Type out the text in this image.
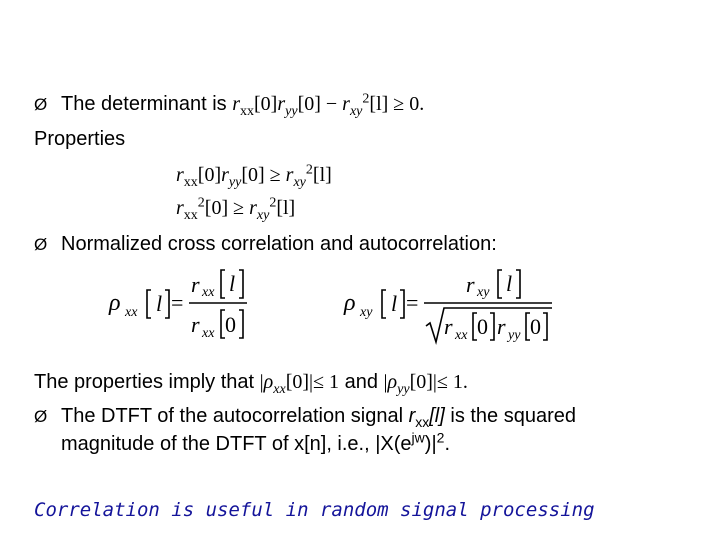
Ø The determinant is $r_{xx}[0]r_{yy}[0] - r_{xy}^2[l] \ge 0$.
Properties
$r_{xx}[0]r_{yy}[0] \ge r_{xy}^2[l]$
$r_{xx}^2[0] \ge r_{xy}^2[l]$
Ø Normalized cross correlation and autocorrelation:
ρ xx l =
r xx l
r xx 0
ρ xy l =
r xy l
r xx 0 r yy 0
The properties imply that $|\rho_{xx}[0]|\le 1$ and $|\rho_{yy}[0]|\le 1$.
Ø The DTFT of the autocorrelation signal $r_{xx}[l]$ is the squared
magnitude of the DTFT of x[n], i.e., $|X(e^{jw})|^2$.
Correlation is useful in random signal processing
